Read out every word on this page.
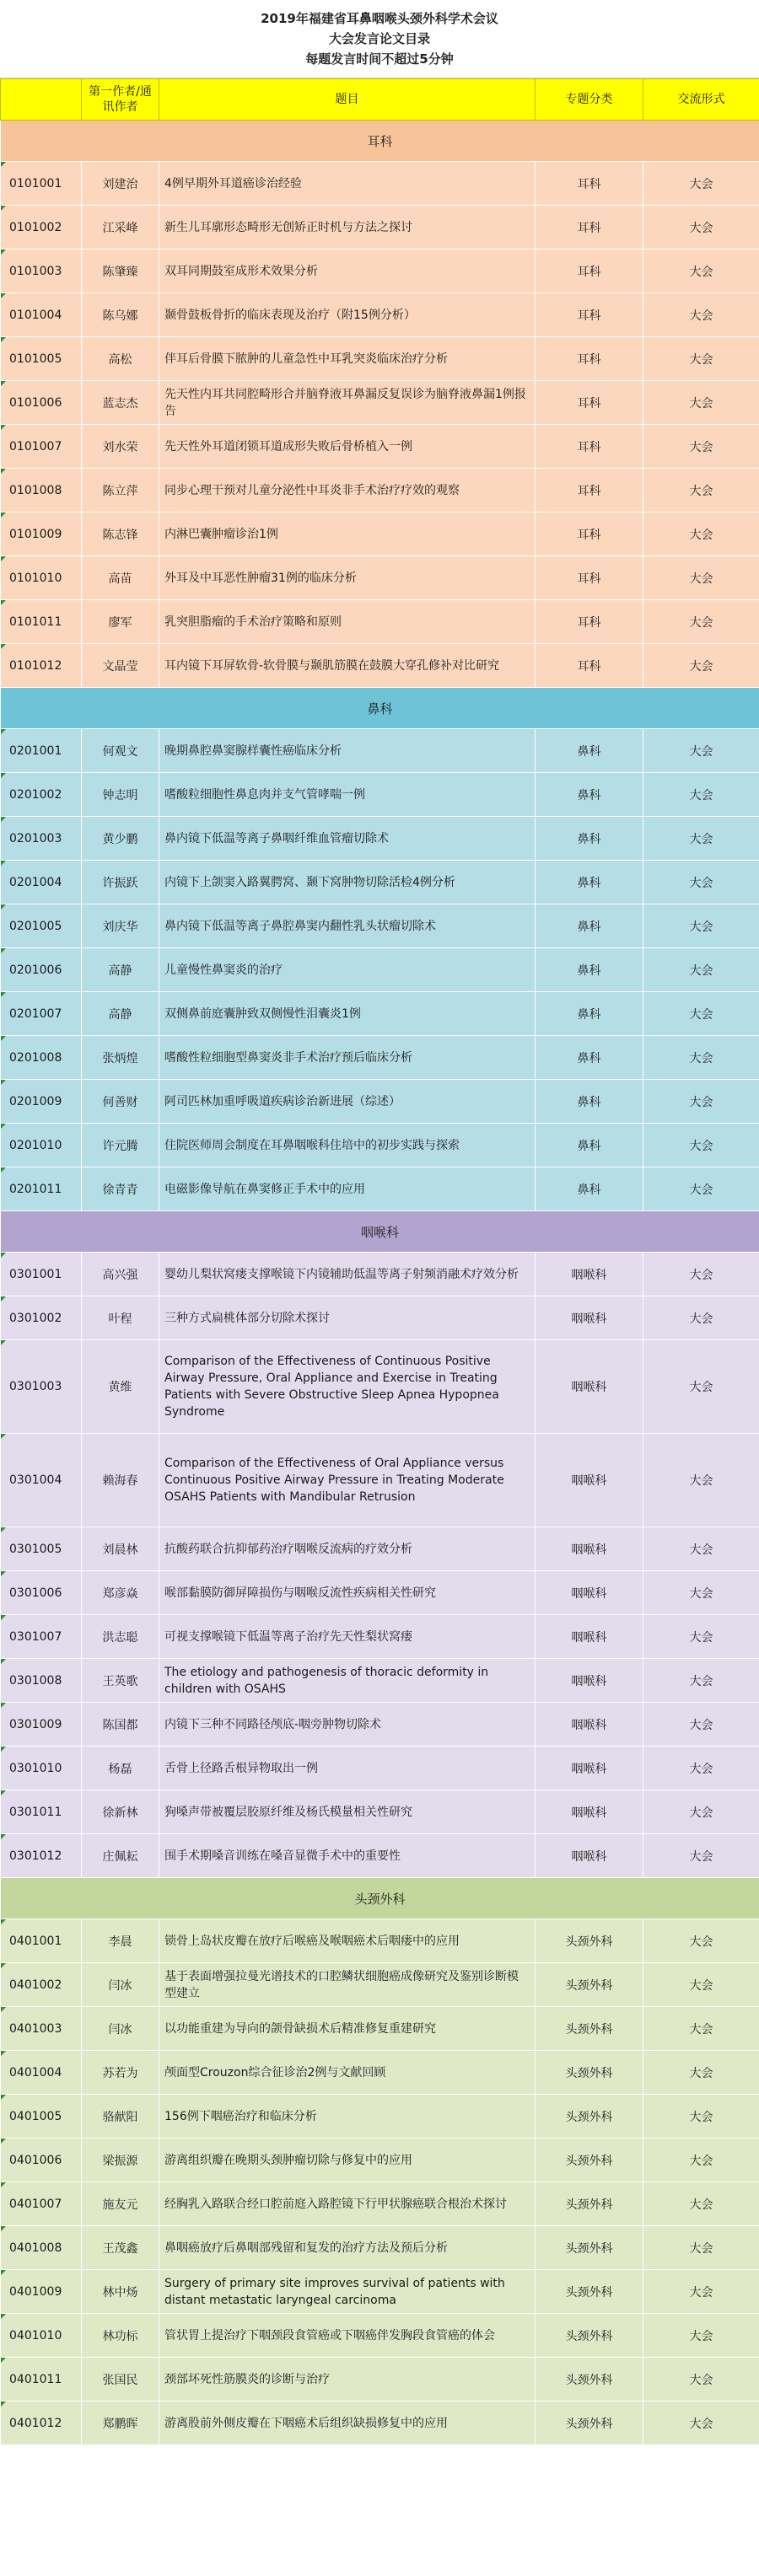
2019年福建省耳鼻咽喉头颈外科学术会议
大会发言论文目录
每题发言时间不超过5分钟
	第一作者/通讯作者	题目	专题分类	交流形式
耳科				
0101001	刘建治	4例早期外耳道癌诊治经验	耳科	大会
0101002	江采峰	新生儿耳廓形态畸形无创矫正时机与方法之探讨	耳科	大会
0101003	陈肇臻	双耳同期鼓室成形术效果分析	耳科	大会
0101004	陈乌娜	颞骨鼓板骨折的临床表现及治疗（附15例分析）	耳科	大会
0101005	高松	伴耳后骨膜下脓肿的儿童急性中耳乳突炎临床治疗分析	耳科	大会
0101006	蓝志杰	先天性内耳共同腔畸形合并脑脊液耳鼻漏反复误诊为脑脊液鼻漏1例报告	耳科	大会
0101007	刘水荣	先天性外耳道闭锁耳道成形失败后骨桥植入一例	耳科	大会
0101008	陈立萍	同步心理干预对儿童分泌性中耳炎非手术治疗疗效的观察	耳科	大会
0101009	陈志锋	内淋巴囊肿瘤诊治1例	耳科	大会
0101010	高苗	外耳及中耳恶性肿瘤31例的临床分析	耳科	大会
0101011	廖军	乳突胆脂瘤的手术治疗策略和原则	耳科	大会
0101012	文晶莹	耳内镜下耳屏软骨-软骨膜与颞肌筋膜在鼓膜大穿孔修补对比研究	耳科	大会
鼻科				
0201001	何观文	晚期鼻腔鼻窦腺样囊性癌临床分析	鼻科	大会
0201002	钟志明	嗜酸粒细胞性鼻息肉并支气管哮喘一例	鼻科	大会
0201003	黄少鹏	鼻内镜下低温等离子鼻咽纤维血管瘤切除术	鼻科	大会
0201004	许振跃	内镜下上颌窦入路翼腭窝、颞下窝肿物切除活检4例分析	鼻科	大会
0201005	刘庆华	鼻内镜下低温等离子鼻腔鼻窦内翻性乳头状瘤切除术	鼻科	大会
0201006	高静	儿童慢性鼻窦炎的治疗	鼻科	大会
0201007	高静	双侧鼻前庭囊肿致双侧慢性泪囊炎1例	鼻科	大会
0201008	张炳煌	嗜酸性粒细胞型鼻窦炎非手术治疗预后临床分析	鼻科	大会
0201009	何善财	阿司匹林加重呼吸道疾病诊治新进展（综述）	鼻科	大会
0201010	许元腾	住院医师周会制度在耳鼻咽喉科住培中的初步实践与探索	鼻科	大会
0201011	徐青青	电磁影像导航在鼻窦修正手术中的应用	鼻科	大会
咽喉科				
0301001	高兴强	婴幼儿梨状窝瘘支撑喉镜下内镜辅助低温等离子射频消融术疗效分析	咽喉科	大会
0301002	叶程	三种方式扁桃体部分切除术探讨	咽喉科	大会
0301003	黄维	Comparison of the Effectiveness of Continuous Positive Airway Pressure, Oral Appliance and Exercise in Treating Patients with Severe Obstructive Sleep Apnea Hypopnea Syndrome	咽喉科	大会
0301004	赖海春	Comparison of the Effectiveness of Oral Appliance versus Continuous Positive Airway Pressure in Treating Moderate OSAHS Patients with Mandibular Retrusion	咽喉科	大会
0301005	刘晨林	抗酸药联合抗抑郁药治疗咽喉反流病的疗效分析	咽喉科	大会
0301006	郑彦焱	喉部黏膜防御屏障损伤与咽喉反流性疾病相关性研究	咽喉科	大会
0301007	洪志聪	可视支撑喉镜下低温等离子治疗先天性梨状窝瘘	咽喉科	大会
0301008	王英歌	The etiology and pathogenesis of thoracic deformity in children with OSAHS	咽喉科	大会
0301009	陈国都	内镜下三种不同路径颅底-咽旁肿物切除术	咽喉科	大会
0301010	杨磊	舌骨上径路舌根异物取出一例	咽喉科	大会
0301011	徐新林	狗嗓声带被覆层胶原纤维及杨氏模量相关性研究	咽喉科	大会
0301012	庄佩耘	围手术期嗓音训练在嗓音显微手术中的重要性	咽喉科	大会
头颈外科				
0401001	李晨	锁骨上岛状皮瓣在放疗后喉癌及喉咽癌术后咽瘘中的应用	头颈外科	大会
0401002	闫冰	基于表面增强拉曼光谱技术的口腔鳞状细胞癌成像研究及鉴别诊断模型建立	头颈外科	大会
0401003	闫冰	以功能重建为导向的颌骨缺损术后精准修复重建研究	头颈外科	大会
0401004	苏若为	颅面型Crouzon综合征诊治2例与文献回顾	头颈外科	大会
0401005	骆献阳	156例下咽癌治疗和临床分析	头颈外科	大会
0401006	梁振源	游离组织瓣在晚期头颈肿瘤切除与修复中的应用	头颈外科	大会
0401007	施友元	经胸乳入路联合经口腔前庭入路腔镜下行甲状腺癌联合根治术探讨	头颈外科	大会
0401008	王茂鑫	鼻咽癌放疗后鼻咽部残留和复发的治疗方法及预后分析	头颈外科	大会
0401009	林中炀	Surgery of primary site improves survival of patients with distant metastatic laryngeal carcinoma	头颈外科	大会
0401010	林功标	管状胃上提治疗下咽颈段食管癌或下咽癌伴发胸段食管癌的体会	头颈外科	大会
0401011	张国民	颈部坏死性筋膜炎的诊断与治疗	头颈外科	大会
0401012	郑鹏晖	游离股前外侧皮瓣在下咽癌术后组织缺损修复中的应用	头颈外科	大会
